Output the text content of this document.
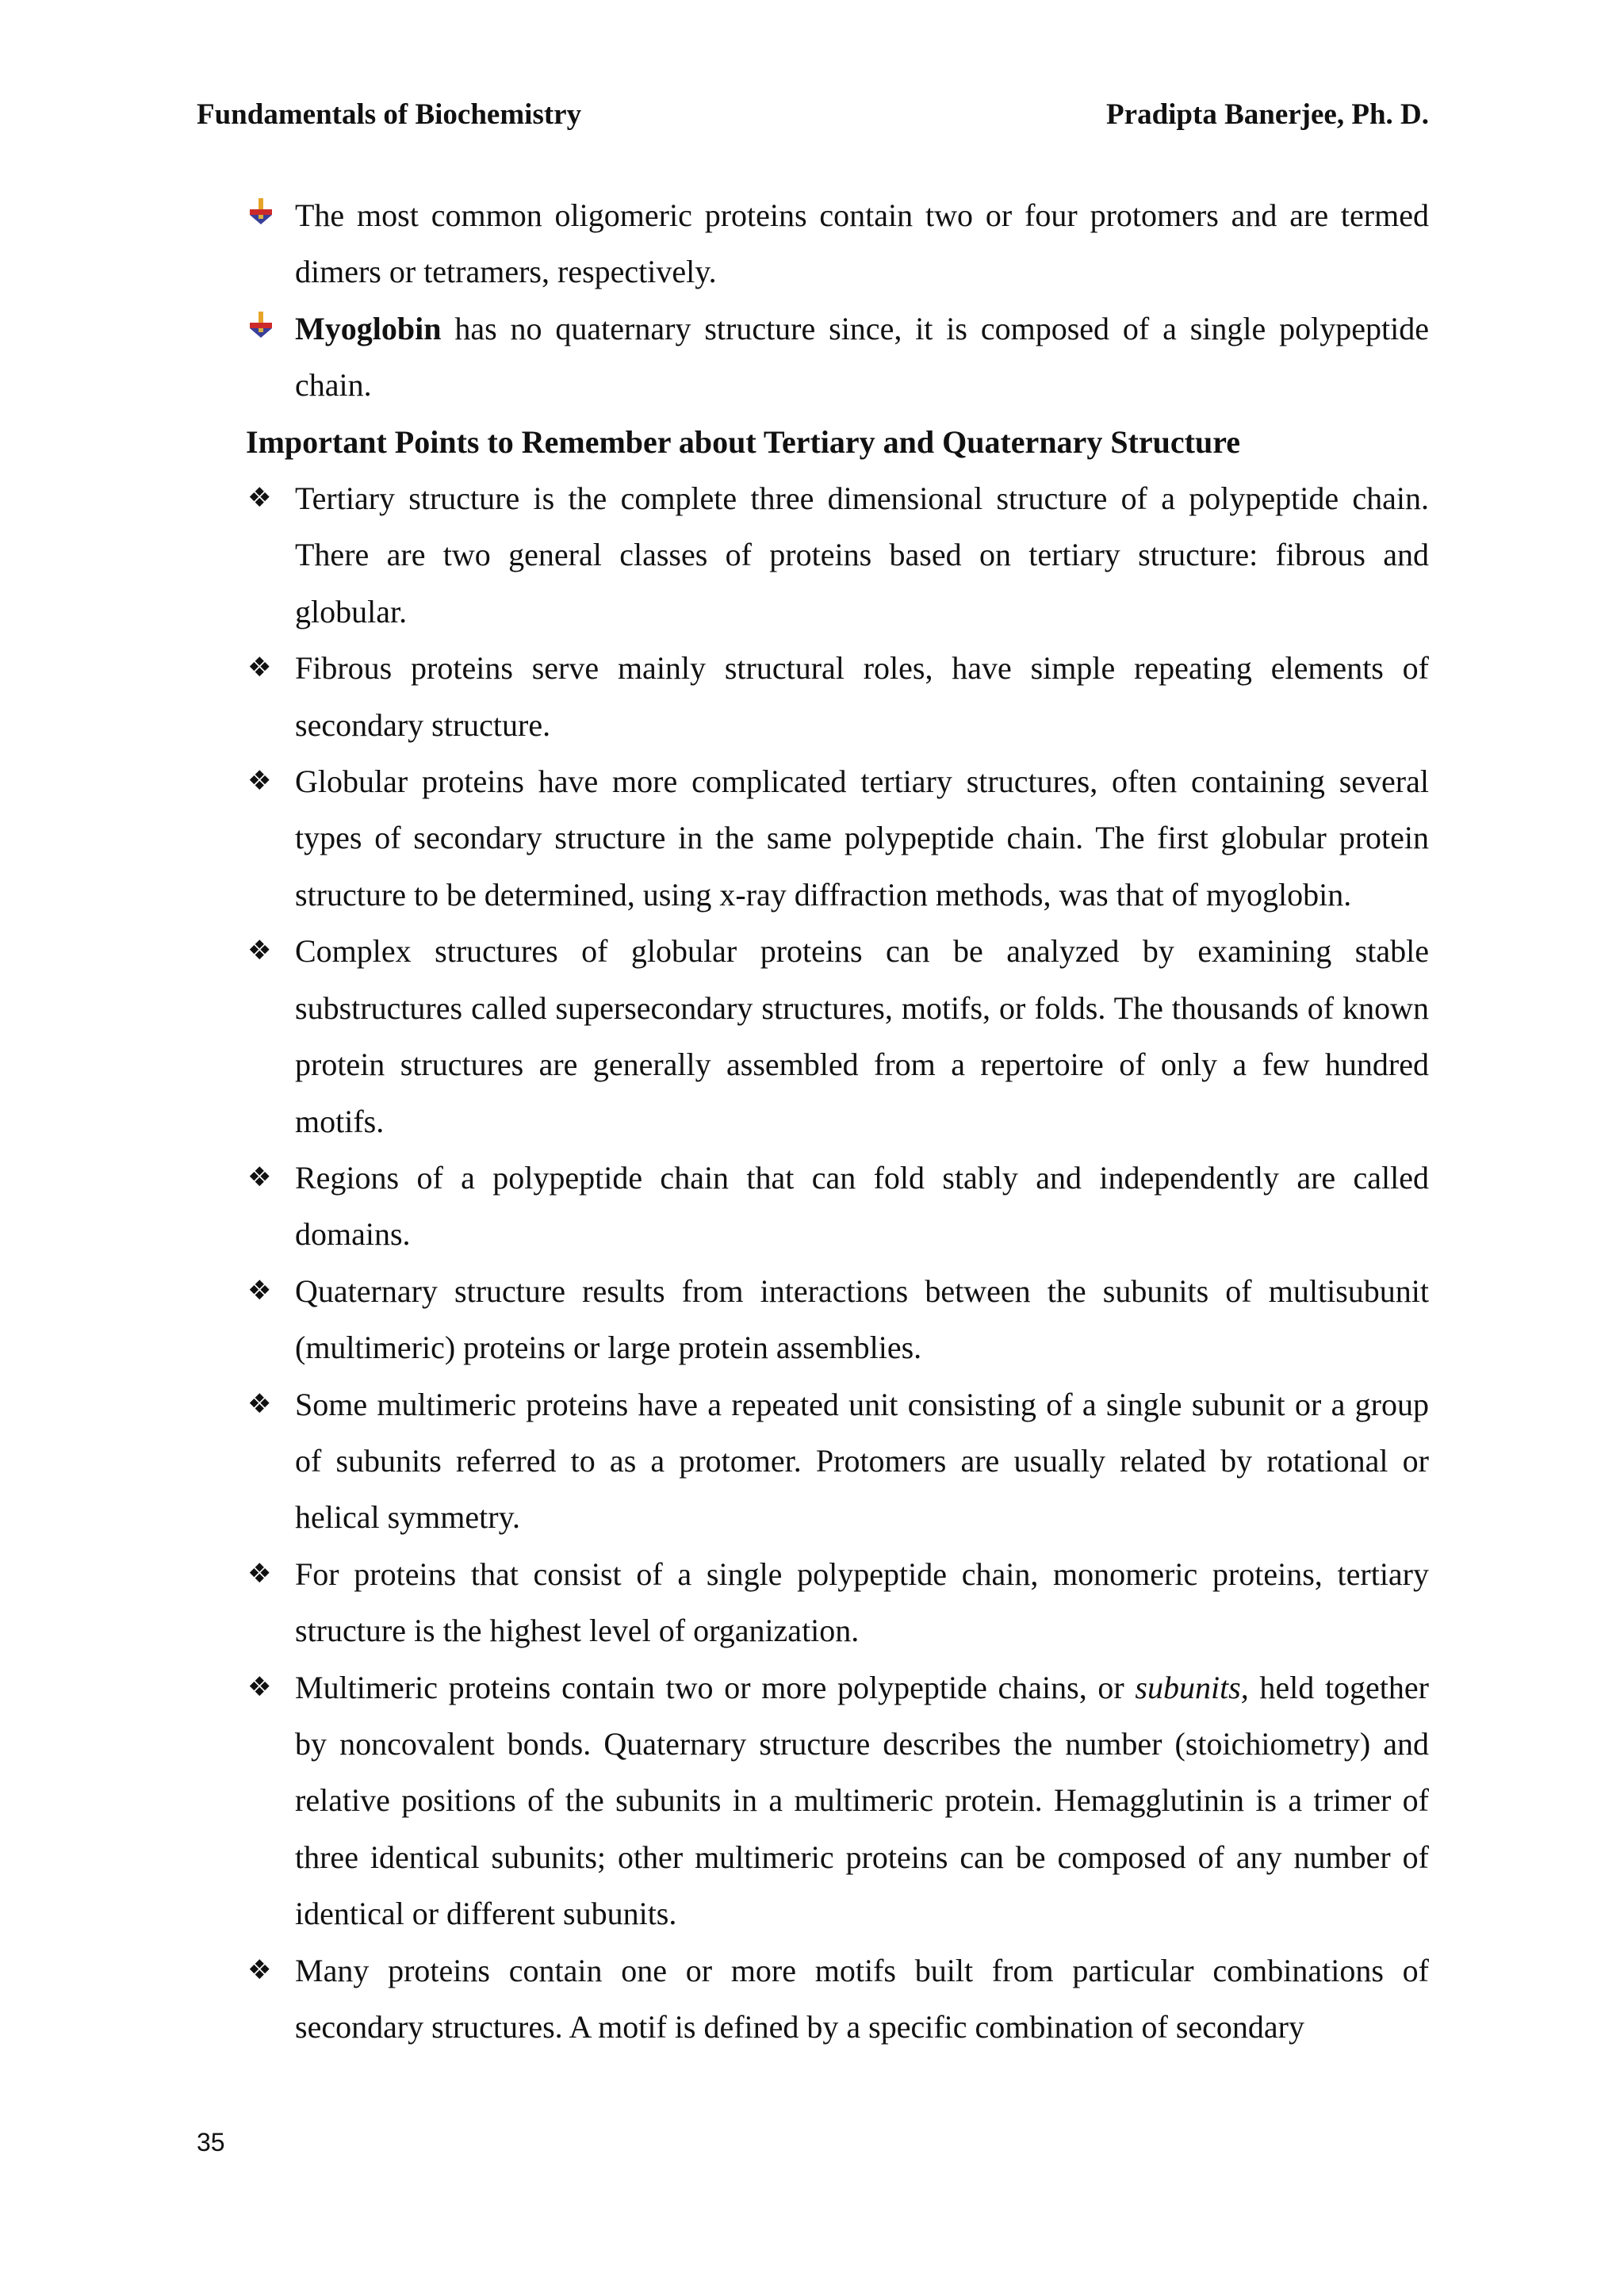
Fundamentals of Biochemistry	Pradipta Banerjee, Ph. D.
The most common oligomeric proteins contain two or four protomers and are termed dimers or tetramers, respectively.
Myoglobin has no quaternary structure since, it is composed of a single polypeptide chain.
Important Points to Remember about Tertiary and Quaternary Structure
❖ Tertiary structure is the complete three dimensional structure of a polypeptide chain. There are two general classes of proteins based on tertiary structure: fibrous and globular.
❖ Fibrous proteins serve mainly structural roles, have simple repeating elements of secondary structure.
❖ Globular proteins have more complicated tertiary structures, often containing several types of secondary structure in the same polypeptide chain. The first globular protein structure to be determined, using x-ray diffraction methods, was that of myoglobin.
❖ Complex structures of globular proteins can be analyzed by examining stable substructures called supersecondary structures, motifs, or folds. The thousands of known protein structures are generally assembled from a repertoire of only a few hundred motifs.
❖ Regions of a polypeptide chain that can fold stably and independently are called domains.
❖ Quaternary structure results from interactions between the subunits of multisubunit (multimeric) proteins or large protein assemblies.
❖ Some multimeric proteins have a repeated unit consisting of a single subunit or a group of subunits referred to as a protomer. Protomers are usually related by rotational or helical symmetry.
❖ For proteins that consist of a single polypeptide chain, monomeric proteins, tertiary structure is the highest level of organization.
❖ Multimeric proteins contain two or more polypeptide chains, or subunits, held together by noncovalent bonds. Quaternary structure describes the number (stoichiometry) and relative positions of the subunits in a multimeric protein. Hemagglutinin is a trimer of three identical subunits; other multimeric proteins can be composed of any number of identical or different subunits.
❖ Many proteins contain one or more motifs built from particular combinations of secondary structures. A motif is defined by a specific combination of secondary
35
